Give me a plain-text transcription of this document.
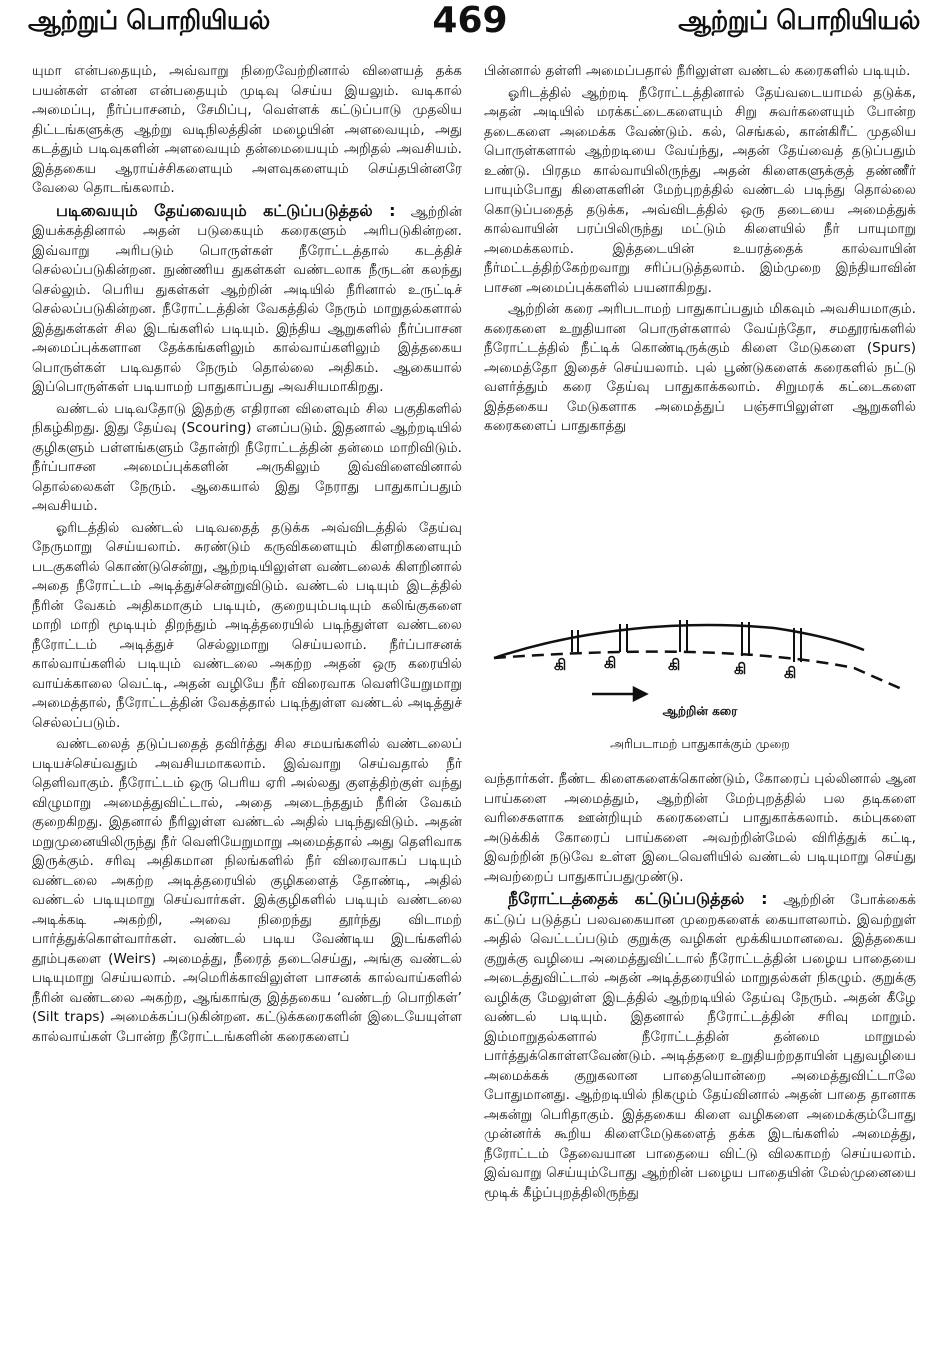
ஆற்றுப் பொறியியல்	469	ஆற்றுப் பொறியியல்

யுமா என்பதையும், அவ்வாறு நிறைவேற்றினால் விளையத் தக்க பயன்கள் என்ன என்பதையும் முடிவு செய்ய இயலும். வடிகால் அமைப்பு, நீர்ப்பாசனம், சேமிப்பு, வெள்ளக் கட்டுப்பாடு முதலிய திட்டங்களுக்கு ஆற்று வடிநிலத்தின் மழையின் அளவையும், அது கடத்தும் படிவுகளின் அளவையும் தன்மையையும் அறிதல் அவசியம். இத்தகைய ஆராய்ச்சிகளையும் அளவுகளையும் செய்தபின்னரே வேலை தொடங்கலாம்.

படிவையும் தேய்வையும் கட்டுப்படுத்தல் : ஆற்றின் இயக்கத்தினால் அதன் படுகையும் கரைகளும் அரிபடுகின்றன. இவ்வாறு அரிபடும் பொருள்கள் நீரோட்டத்தால் கடத்திச் செல்லப்படுகின்றன. நுண்ணிய துகள்கள் வண்டலாக நீருடன் கலந்து செல்லும். பெரிய துகள்கள் ஆற்றின் அடியில் நீரினால் உருட்டிச் செல்லப்படுகின்றன. நீரோட்டத்தின் வேகத்தில் நேரும் மாறுதல்களால் இத்துகள்கள் சில இடங்களில் படியும். இந்திய ஆறுகளில் நீர்ப்பாசன அமைப்புக்களான தேக்கங்களிலும் கால்வாய்களிலும் இத்தகைய பொருள்கள் படிவதால் நேரும் தொல்லை அதிகம். ஆகையால் இப்பொருள்கள் படியாமற் பாதுகாப்பது அவசியமாகிறது.

வண்டல் படிவதோடு இதற்கு எதிரான விளைவும் சில பகுதிகளில் நிகழ்கிறது. இது தேய்வு (Scouring) எனப்படும். இதனால் ஆற்றடியில் குழிகளும் பள்ளங்களும் தோன்றி நீரோட்டத்தின் தன்மை மாறிவிடும். நீர்ப்பாசன அமைப்புக்களின் அருகிலும் இவ்விளைவினால் தொல்லைகள் நேரும். ஆகையால் இது நேராது பாதுகாப்பதும் அவசியம்.

ஓரிடத்தில் வண்டல் படிவதைத் தடுக்க அவ்விடத்தில் தேய்வு நேருமாறு செய்யலாம். சுரண்டும் கருவிகளையும் கிளறிகளையும் படகுகளில் கொண்டுசென்று, ஆற்றடியிலுள்ள வண்டலைக் கிளறினால் அதை நீரோட்டம் அடித்துச்சென்றுவிடும். வண்டல் படியும் இடத்தில் நீரின் வேகம் அதிகமாகும் படியும், குறையும்படியும் கலிங்குகளை மாறி மாறி மூடியும் திறந்தும் அடித்தரையில் படிந்துள்ள வண்டலை நீரோட்டம் அடித்துச் செல்லுமாறு செய்யலாம். நீர்ப்பாசனக் கால்வாய்களில் படியும் வண்டலை அகற்ற அதன் ஒரு கரையில் வாய்க்காலை வெட்டி, அதன் வழியே நீர் விரைவாக வெளியேறுமாறு அமைத்தால், நீரோட்டத்தின் வேகத்தால் படிந்துள்ள வண்டல் அடித்துச் செல்லப்படும்.

வண்டலைத் தடுப்பதைத் தவிர்த்து சில சமயங்களில் வண்டலைப் படியச்செய்வதும் அவசியமாகலாம். இவ்வாறு செய்வதால் நீர் தெளிவாகும். நீரோட்டம் ஒரு பெரிய ஏரி அல்லது குளத்திற்குள் வந்து விழுமாறு அமைத்துவிட்டால், அதை அடைந்ததும் நீரின் வேகம் குறைகிறது. இதனால் நீரிலுள்ள வண்டல் அதில் படிந்துவிடும். அதன் மறுமுனையிலிருந்து நீர் வெளியேறுமாறு அமைத்தால் அது தெளிவாக இருக்கும். சரிவு அதிகமான நிலங்களில் நீர் விரைவாகப் படியும் வண்டலை அகற்ற அடித்தரையில் குழிகளைத் தோண்டி, அதில் வண்டல் படியுமாறு செய்வார்கள். இக்குழிகளில் படியும் வண்டலை அடிக்கடி அகற்றி, அவை நிறைந்து தூர்ந்து விடாமற் பார்த்துக்கொள்வார்கள். வண்டல் படிய வேண்டிய இடங்களில் தூம்புகளை (Weirs) அமைத்து, நீரைத் தடைசெய்து, அங்கு வண்டல் படியுமாறு செய்யலாம். அமெரிக்காவிலுள்ள பாசனக் கால்வாய்களில் நீரின் வண்டலை அகற்ற, ஆங்காங்கு இத்தகைய ‘வண்டற் பொறிகள்’ (Silt traps) அமைக்கப்படுகின்றன. கட்டுக்கரைகளின் இடையேயுள்ள கால்வாய்கள் போன்ற நீரோட்டங்களின் கரைகளைப்

பின்னால் தள்ளி அமைப்பதால் நீரிலுள்ள வண்டல் கரைகளில் படியும்.

ஓரிடத்தில் ஆற்றடி நீரோட்டத்தினால் தேய்வடையாமல் தடுக்க, அதன் அடியில் மரக்கட்டைகளையும் சிறு சுவர்களையும் போன்ற தடைகளை அமைக்க வேண்டும். கல், செங்கல், கான்கிரீட் முதலிய பொருள்களால் ஆற்றடியை வேய்ந்து, அதன் தேய்வைத் தடுப்பதும் உண்டு. பிரதம கால்வாயிலிருந்து அதன் கிளைகளுக்குத் தண்ணீர் பாயும்போது கிளைகளின் மேற்புறத்தில் வண்டல் படிந்து தொல்லை கொடுப்பதைத் தடுக்க, அவ்விடத்தில் ஒரு தடையை அமைத்துக் கால்வாயின் பரப்பிலிருந்து மட்டும் கிளையில் நீர் பாயுமாறு அமைக்கலாம். இத்தடையின் உயரத்தைக் கால்வாயின் நீர்மட்டத்திற்கேற்றவாறு சரிப்படுத்தலாம். இம்முறை இந்தியாவின் பாசன அமைப்புக்களில் பயனாகிறது.

ஆற்றின் கரை அரிபடாமற் பாதுகாப்பதும் மிகவும் அவசியமாகும். கரைகளை உறுதியான பொருள்களால் வேய்ந்தோ, சமதூரங்களில் நீரோட்டத்தில் நீட்டிக் கொண்டிருக்கும் கிளை மேடுகளை (Spurs) அமைத்தோ இதைச் செய்யலாம். புல் பூண்டுகளைக் கரைகளில் நட்டு வளர்த்தும் கரை தேய்வு பாதுகாக்கலாம். சிறுமரக் கட்டைகளை இத்தகைய மேடுகளாக அமைத்துப் பஞ்சாபிலுள்ள ஆறுகளில் கரைகளைப் பாதுகாத்து

கி	கி	கி	கி	கி
ஆற்றின் கரை
அரிபடாமற் பாதுகாக்கும் முறை

வந்தார்கள். நீண்ட கிளைகளைக்கொண்டும், கோரைப் புல்லினால் ஆன பாய்களை அமைத்தும், ஆற்றின் மேற்புறத்தில் பல தடிகளை வரிசைகளாக ஊன்றியும் கரைகளைப் பாதுகாக்கலாம். கம்புகளை அடுக்கிக் கோரைப் பாய்களை அவற்றின்மேல் விரித்துக் கட்டி, இவற்றின் நடுவே உள்ள இடைவெளியில் வண்டல் படியுமாறு செய்து அவற்றைப் பாதுகாப்பதுமுண்டு.

நீரோட்டத்தைக் கட்டுப்படுத்தல் : ஆற்றின் போக்கைக் கட்டுப் படுத்தப் பலவகையான முறைகளைக் கையாளலாம். இவற்றுள் அதில் வெட்டப்படும் குறுக்கு வழிகள் மூக்கியமானவை. இத்தகைய குறுக்கு வழியை அமைத்துவிட்டால் நீரோட்டத்தின் பழைய பாதையை அடைத்துவிட்டால் அதன் அடித்தரையில் மாறுதல்கள் நிகழும். குறுக்கு வழிக்கு மேலுள்ள இடத்தில் ஆற்றடியில் தேய்வு நேரும். அதன் கீழே வண்டல் படியும். இதனால் நீரோட்டத்தின் சரிவு மாறும். இம்மாறுதல்களால் நீரோட்டத்தின் தன்மை மாறுமல் பார்த்துக்கொள்ளவேண்டும். அடித்தரை உறுதியற்றதாயின் புதுவழியை அமைக்கக் குறுகலான பாதையொன்றை அமைத்துவிட்டாலே போதுமானது. ஆற்றடியில் நிகழும் தேய்வினால் அதன் பாதை தானாக அகன்று பெரிதாகும். இத்தகைய கிளை வழிகளை அமைக்கும்போது முன்னர்க் கூறிய கிளைமேடுகளைத் தக்க இடங்களில் அமைத்து, நீரோட்டம் தேவையான பாதையை விட்டு விலகாமற் செய்யலாம். இவ்வாறு செய்யும்போது ஆற்றின் பழைய பாதையின் மேல்முனையை மூடிக் கீழ்ப்புறத்திலிருந்து
